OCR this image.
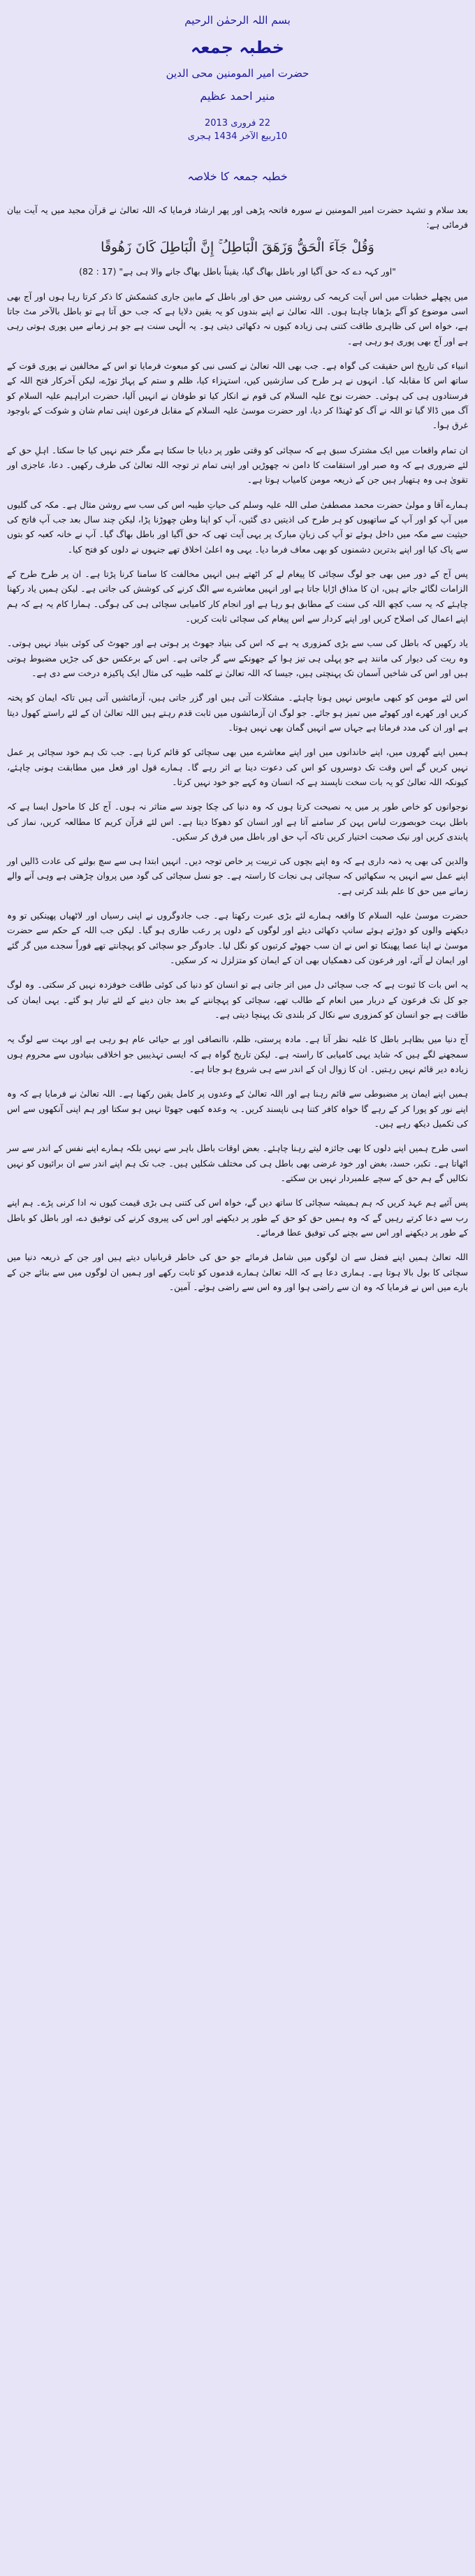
بسم اللہ الرحمٰن الرحیم
خطبہ جمعہ
حضرت امیر المومنین محی الدین
منیر احمد عظیم
22 فروری 2013
10ربیع الآخر 1434 ہجری
خطبہ جمعہ کا خلاصہ

بعد سلام و تشہد حضرت امیر المومنین نے سورہ فاتحہ پڑھی اور پھر ارشاد فرمایا کہ اللہ تعالیٰ نے قرآن مجید میں یہ آیت بیان فرمائی ہے:

وَقُلْ جَآءَ الْحَقُّ وَزَهَقَ الْبَاطِلُ ۚ إِنَّ الْبَاطِلَ كَانَ زَهُوقًا
"اور کہہ دے کہ حق آگیا اور باطل بھاگ گیا، یقیناً باطل بھاگ جانے والا ہی ہے" (17 : 82)

میں پچھلے خطبات میں اس آیت کریمہ کی روشنی میں حق اور باطل کے مابین جاری کشمکش کا ذکر کرتا رہا ہوں اور آج بھی اسی موضوع کو آگے بڑھانا چاہتا ہوں۔ اللہ تعالیٰ نے اپنے بندوں کو یہ یقین دلایا ہے کہ جب حق آتا ہے تو باطل بالآخر مٹ جاتا ہے، خواہ اس کی ظاہری طاقت کتنی ہی زیادہ کیوں نہ دکھائی دیتی ہو۔ یہ الٰہی سنت ہے جو ہر زمانے میں پوری ہوتی رہی ہے اور آج بھی پوری ہو رہی ہے۔

انبیاء کی تاریخ اس حقیقت کی گواہ ہے۔ جب بھی اللہ تعالیٰ نے کسی نبی کو مبعوث فرمایا تو اس کے مخالفین نے پوری قوت کے ساتھ اس کا مقابلہ کیا۔ انہوں نے ہر طرح کی سازشیں کیں، استہزاء کیا، ظلم و ستم کے پہاڑ توڑے، لیکن آخرکار فتح اللہ کے فرستادوں ہی کی ہوئی۔ حضرت نوح علیہ السلام کی قوم نے انکار کیا تو طوفان نے انہیں آلیا، حضرت ابراہیم علیہ السلام کو آگ میں ڈالا گیا تو اللہ نے آگ کو ٹھنڈا کر دیا، اور حضرت موسیٰ علیہ السلام کے مقابل فرعون اپنی تمام شان و شوکت کے باوجود غرق ہوا۔

ان تمام واقعات میں ایک مشترک سبق ہے کہ سچائی کو وقتی طور پر دبایا جا سکتا ہے مگر ختم نہیں کیا جا سکتا۔ اہلِ حق کے لئے ضروری ہے کہ وہ صبر اور استقامت کا دامن نہ چھوڑیں اور اپنی تمام تر توجہ اللہ تعالیٰ کی طرف رکھیں۔ دعا، عاجزی اور تقویٰ ہی وہ ہتھیار ہیں جن کے ذریعہ مومن کامیاب ہوتا ہے۔

ہمارے آقا و مولیٰ حضرت محمد مصطفیٰ صلی اللہ علیہ وسلم کی حیاتِ طیبہ اس کی سب سے روشن مثال ہے۔ مکہ کی گلیوں میں آپ کو اور آپ کے ساتھیوں کو ہر طرح کی اذیتیں دی گئیں، آپ کو اپنا وطن چھوڑنا پڑا، لیکن چند سال بعد جب آپ فاتح کی حیثیت سے مکہ میں داخل ہوئے تو آپ کی زبانِ مبارک پر یہی آیت تھی کہ حق آگیا اور باطل بھاگ گیا۔ آپ نے خانہ کعبہ کو بتوں سے پاک کیا اور اپنے بدترین دشمنوں کو بھی معاف فرما دیا۔ یہی وہ اعلیٰ اخلاق تھے جنہوں نے دلوں کو فتح کیا۔

پس آج کے دور میں بھی جو لوگ سچائی کا پیغام لے کر اٹھتے ہیں انہیں مخالفت کا سامنا کرنا پڑتا ہے۔ ان پر طرح طرح کے الزامات لگائے جاتے ہیں، ان کا مذاق اڑایا جاتا ہے اور انہیں معاشرے سے الگ کرنے کی کوشش کی جاتی ہے۔ لیکن ہمیں یاد رکھنا چاہئے کہ یہ سب کچھ اللہ کی سنت کے مطابق ہو رہا ہے اور انجام کار کامیابی سچائی ہی کی ہوگی۔ ہمارا کام یہ ہے کہ ہم اپنے اعمال کی اصلاح کریں اور اپنے کردار سے اس پیغام کی سچائی ثابت کریں۔

یاد رکھیں کہ باطل کی سب سے بڑی کمزوری یہ ہے کہ اس کی بنیاد جھوٹ پر ہوتی ہے اور جھوٹ کی کوئی بنیاد نہیں ہوتی۔ وہ ریت کی دیوار کی مانند ہے جو پہلی ہی تیز ہوا کے جھونکے سے گر جاتی ہے۔ اس کے برعکس حق کی جڑیں مضبوط ہوتی ہیں اور اس کی شاخیں آسمان تک پہنچتی ہیں، جیسا کہ اللہ تعالیٰ نے کلمہ طیبہ کی مثال ایک پاکیزہ درخت سے دی ہے۔

اس لئے مومن کو کبھی مایوس نہیں ہونا چاہئے۔ مشکلات آتی ہیں اور گزر جاتی ہیں، آزمائشیں آتی ہیں تاکہ ایمان کو پختہ کریں اور کھرے اور کھوٹے میں تمیز ہو جائے۔ جو لوگ ان آزمائشوں میں ثابت قدم رہتے ہیں اللہ تعالیٰ ان کے لئے راستے کھول دیتا ہے اور ان کی مدد فرماتا ہے جہاں سے انہیں گمان بھی نہیں ہوتا۔

ہمیں اپنے گھروں میں، اپنے خاندانوں میں اور اپنے معاشرے میں بھی سچائی کو قائم کرنا ہے۔ جب تک ہم خود سچائی پر عمل نہیں کریں گے اس وقت تک دوسروں کو اس کی دعوت دینا بے اثر رہے گا۔ ہمارے قول اور فعل میں مطابقت ہونی چاہئے، کیونکہ اللہ تعالیٰ کو یہ بات سخت ناپسند ہے کہ انسان وہ کہے جو خود نہیں کرتا۔

نوجوانوں کو خاص طور پر میں یہ نصیحت کرتا ہوں کہ وہ دنیا کی چکا چوند سے متاثر نہ ہوں۔ آج کل کا ماحول ایسا ہے کہ باطل بہت خوبصورت لباس پہن کر سامنے آتا ہے اور انسان کو دھوکا دیتا ہے۔ اس لئے قرآن کریم کا مطالعہ کریں، نماز کی پابندی کریں اور نیک صحبت اختیار کریں تاکہ آپ حق اور باطل میں فرق کر سکیں۔

والدین کی بھی یہ ذمہ داری ہے کہ وہ اپنے بچوں کی تربیت پر خاص توجہ دیں۔ انہیں ابتدا ہی سے سچ بولنے کی عادت ڈالیں اور اپنے عمل سے انہیں یہ سکھائیں کہ سچائی ہی نجات کا راستہ ہے۔ جو نسل سچائی کی گود میں پروان چڑھتی ہے وہی آنے والے زمانے میں حق کا علم بلند کرتی ہے۔

حضرت موسیٰ علیہ السلام کا واقعہ ہمارے لئے بڑی عبرت رکھتا ہے۔ جب جادوگروں نے اپنی رسیاں اور لاٹھیاں پھینکیں تو وہ دیکھنے والوں کو دوڑتے ہوئے سانپ دکھائی دیئے اور لوگوں کے دلوں پر رعب طاری ہو گیا۔ لیکن جب اللہ کے حکم سے حضرت موسیٰ نے اپنا عصا پھینکا تو اس نے ان سب جھوٹے کرتبوں کو نگل لیا۔ جادوگر جو سچائی کو پہچانتے تھے فوراً سجدے میں گر گئے اور ایمان لے آئے، اور فرعون کی دھمکیاں بھی ان کے ایمان کو متزلزل نہ کر سکیں۔

یہ اس بات کا ثبوت ہے کہ جب سچائی دل میں اتر جاتی ہے تو انسان کو دنیا کی کوئی طاقت خوفزدہ نہیں کر سکتی۔ وہ لوگ جو کل تک فرعون کے دربار میں انعام کے طالب تھے، سچائی کو پہچاننے کے بعد جان دینے کے لئے تیار ہو گئے۔ یہی ایمان کی طاقت ہے جو انسان کو کمزوری سے نکال کر بلندی تک پہنچا دیتی ہے۔

آج دنیا میں بظاہر باطل کا غلبہ نظر آتا ہے۔ مادہ پرستی، ظلم، ناانصافی اور بے حیائی عام ہو رہی ہے اور بہت سے لوگ یہ سمجھنے لگے ہیں کہ شاید یہی کامیابی کا راستہ ہے۔ لیکن تاریخ گواہ ہے کہ ایسی تہذیبیں جو اخلاقی بنیادوں سے محروم ہوں زیادہ دیر قائم نہیں رہتیں۔ ان کا زوال ان کے اندر سے ہی شروع ہو جاتا ہے۔

ہمیں اپنے ایمان پر مضبوطی سے قائم رہنا ہے اور اللہ تعالیٰ کے وعدوں پر کامل یقین رکھنا ہے۔ اللہ تعالیٰ نے فرمایا ہے کہ وہ اپنے نور کو پورا کر کے رہے گا خواہ کافر کتنا ہی ناپسند کریں۔ یہ وعدہ کبھی جھوٹا نہیں ہو سکتا اور ہم اپنی آنکھوں سے اس کی تکمیل دیکھ رہے ہیں۔

اسی طرح ہمیں اپنے دلوں کا بھی جائزہ لیتے رہنا چاہئے۔ بعض اوقات باطل باہر سے نہیں بلکہ ہمارے اپنے نفس کے اندر سے سر اٹھاتا ہے۔ تکبر، حسد، بغض اور خود غرضی بھی باطل ہی کی مختلف شکلیں ہیں۔ جب تک ہم اپنے اندر سے ان برائیوں کو نہیں نکالیں گے ہم حق کے سچے علمبردار نہیں بن سکتے۔

پس آئیے ہم عہد کریں کہ ہم ہمیشہ سچائی کا ساتھ دیں گے، خواہ اس کی کتنی ہی بڑی قیمت کیوں نہ ادا کرنی پڑے۔ ہم اپنے رب سے دعا کرتے رہیں گے کہ وہ ہمیں حق کو حق کے طور پر دیکھنے اور اس کی پیروی کرنے کی توفیق دے، اور باطل کو باطل کے طور پر دیکھنے اور اس سے بچنے کی توفیق عطا فرمائے۔

اللہ تعالیٰ ہمیں اپنے فضل سے ان لوگوں میں شامل فرمائے جو حق کی خاطر قربانیاں دیتے ہیں اور جن کے ذریعہ دنیا میں سچائی کا بول بالا ہوتا ہے۔ ہماری دعا ہے کہ اللہ تعالیٰ ہمارے قدموں کو ثابت رکھے اور ہمیں ان لوگوں میں سے بنائے جن کے بارے میں اس نے فرمایا کہ وہ ان سے راضی ہوا اور وہ اس سے راضی ہوئے۔ آمین۔
